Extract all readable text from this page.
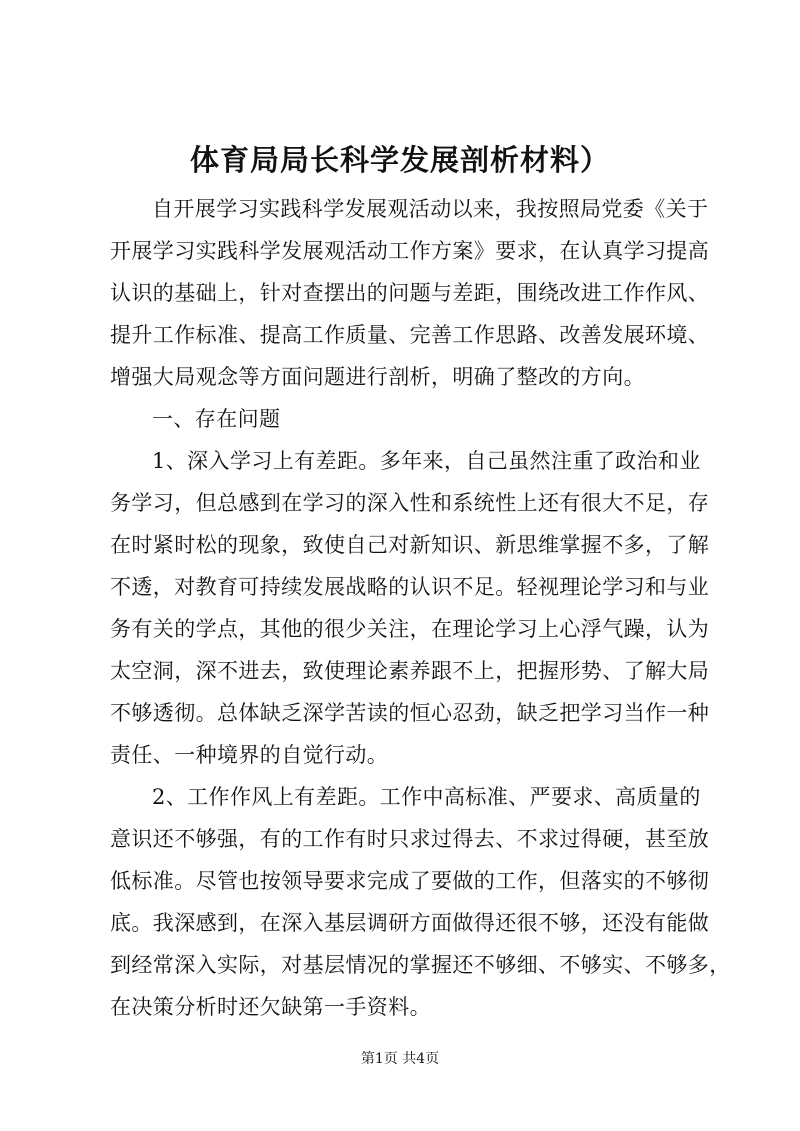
体育局局长科学发展剖析材料）
自开展学习实践科学发展观活动以来，我按照局党委《关于
开展学习实践科学发展观活动工作方案》要求，在认真学习提高
认识的基础上，针对查摆出的问题与差距，围绕改进工作作风、
提升工作标准、提高工作质量、完善工作思路、改善发展环境、
增强大局观念等方面问题进行剖析，明确了整改的方向。
一、存在问题
1、深入学习上有差距。多年来，自己虽然注重了政治和业
务学习，但总感到在学习的深入性和系统性上还有很大不足，存
在时紧时松的现象，致使自己对新知识、新思维掌握不多，了解
不透，对教育可持续发展战略的认识不足。轻视理论学习和与业
务有关的学点，其他的很少关注，在理论学习上心浮气躁，认为
太空洞，深不进去，致使理论素养跟不上，把握形势、了解大局
不够透彻。总体缺乏深学苦读的恒心忍劲，缺乏把学习当作一种
责任、一种境界的自觉行动。
2、工作作风上有差距。工作中高标准、严要求、高质量的
意识还不够强，有的工作有时只求过得去、不求过得硬，甚至放
低标准。尽管也按领导要求完成了要做的工作，但落实的不够彻
底。我深感到，在深入基层调研方面做得还很不够，还没有能做
到经常深入实际，对基层情况的掌握还不够细、不够实、不够多，
在决策分析时还欠缺第一手资料。
第1页 共4页
